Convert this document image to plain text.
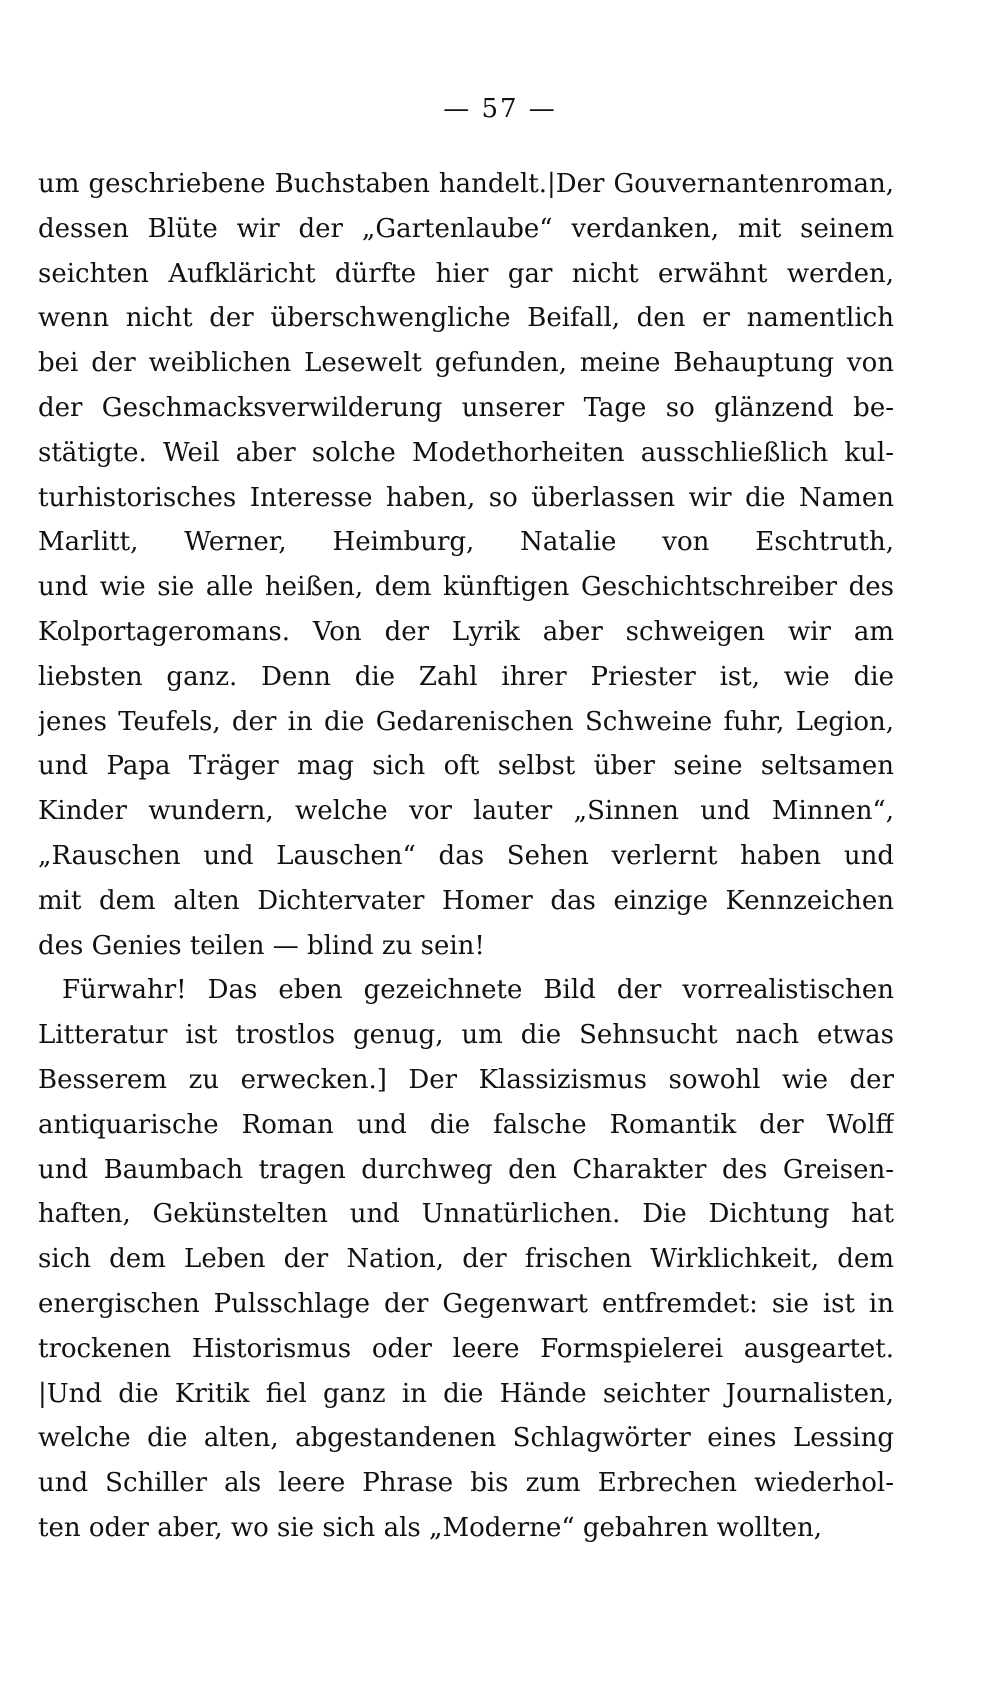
— 57 —
um geschriebene Buchstaben handelt.|Der Gouvernantenroman,
dessen Blüte wir der „Gartenlaube“ verdanken, mit seinem
seichten Aufkläricht dürfte hier gar nicht erwähnt werden,
wenn nicht der überschwengliche Beifall, den er namentlich
bei der weiblichen Lesewelt gefunden, meine Behauptung von
der Geschmacksverwilderung unserer Tage so glänzend be-
stätigte. Weil aber solche Modethorheiten ausschließlich kul-
turhistorisches Interesse haben, so überlassen wir die Namen
Marlitt, Werner, Heimburg, Natalie von Eschtruth,
und wie sie alle heißen, dem künftigen Geschichtschreiber des
Kolportageromans. Von der Lyrik aber schweigen wir am
liebsten ganz. Denn die Zahl ihrer Priester ist, wie die
jenes Teufels, der in die Gedarenischen Schweine fuhr, Legion,
und Papa Träger mag sich oft selbst über seine seltsamen
Kinder wundern, welche vor lauter „Sinnen und Minnen“,
„Rauschen und Lauschen“ das Sehen verlernt haben und
mit dem alten Dichtervater Homer das einzige Kennzeichen
des Genies teilen — blind zu sein!
Fürwahr! Das eben gezeichnete Bild der vorrealistischen
Litteratur ist trostlos genug, um die Sehnsucht nach etwas
Besserem zu erwecken.] Der Klassizismus sowohl wie der
antiquarische Roman und die falsche Romantik der Wolff
und Baumbach tragen durchweg den Charakter des Greisen-
haften, Gekünstelten und Unnatürlichen. Die Dichtung hat
sich dem Leben der Nation, der frischen Wirklichkeit, dem
energischen Pulsschlage der Gegenwart entfremdet: sie ist in
trockenen Historismus oder leere Formspielerei ausgeartet.
|Und die Kritik fiel ganz in die Hände seichter Journalisten,
welche die alten, abgestandenen Schlagwörter eines Lessing
und Schiller als leere Phrase bis zum Erbrechen wiederhol-
ten oder aber, wo sie sich als „Moderne“ gebahren wollten,
